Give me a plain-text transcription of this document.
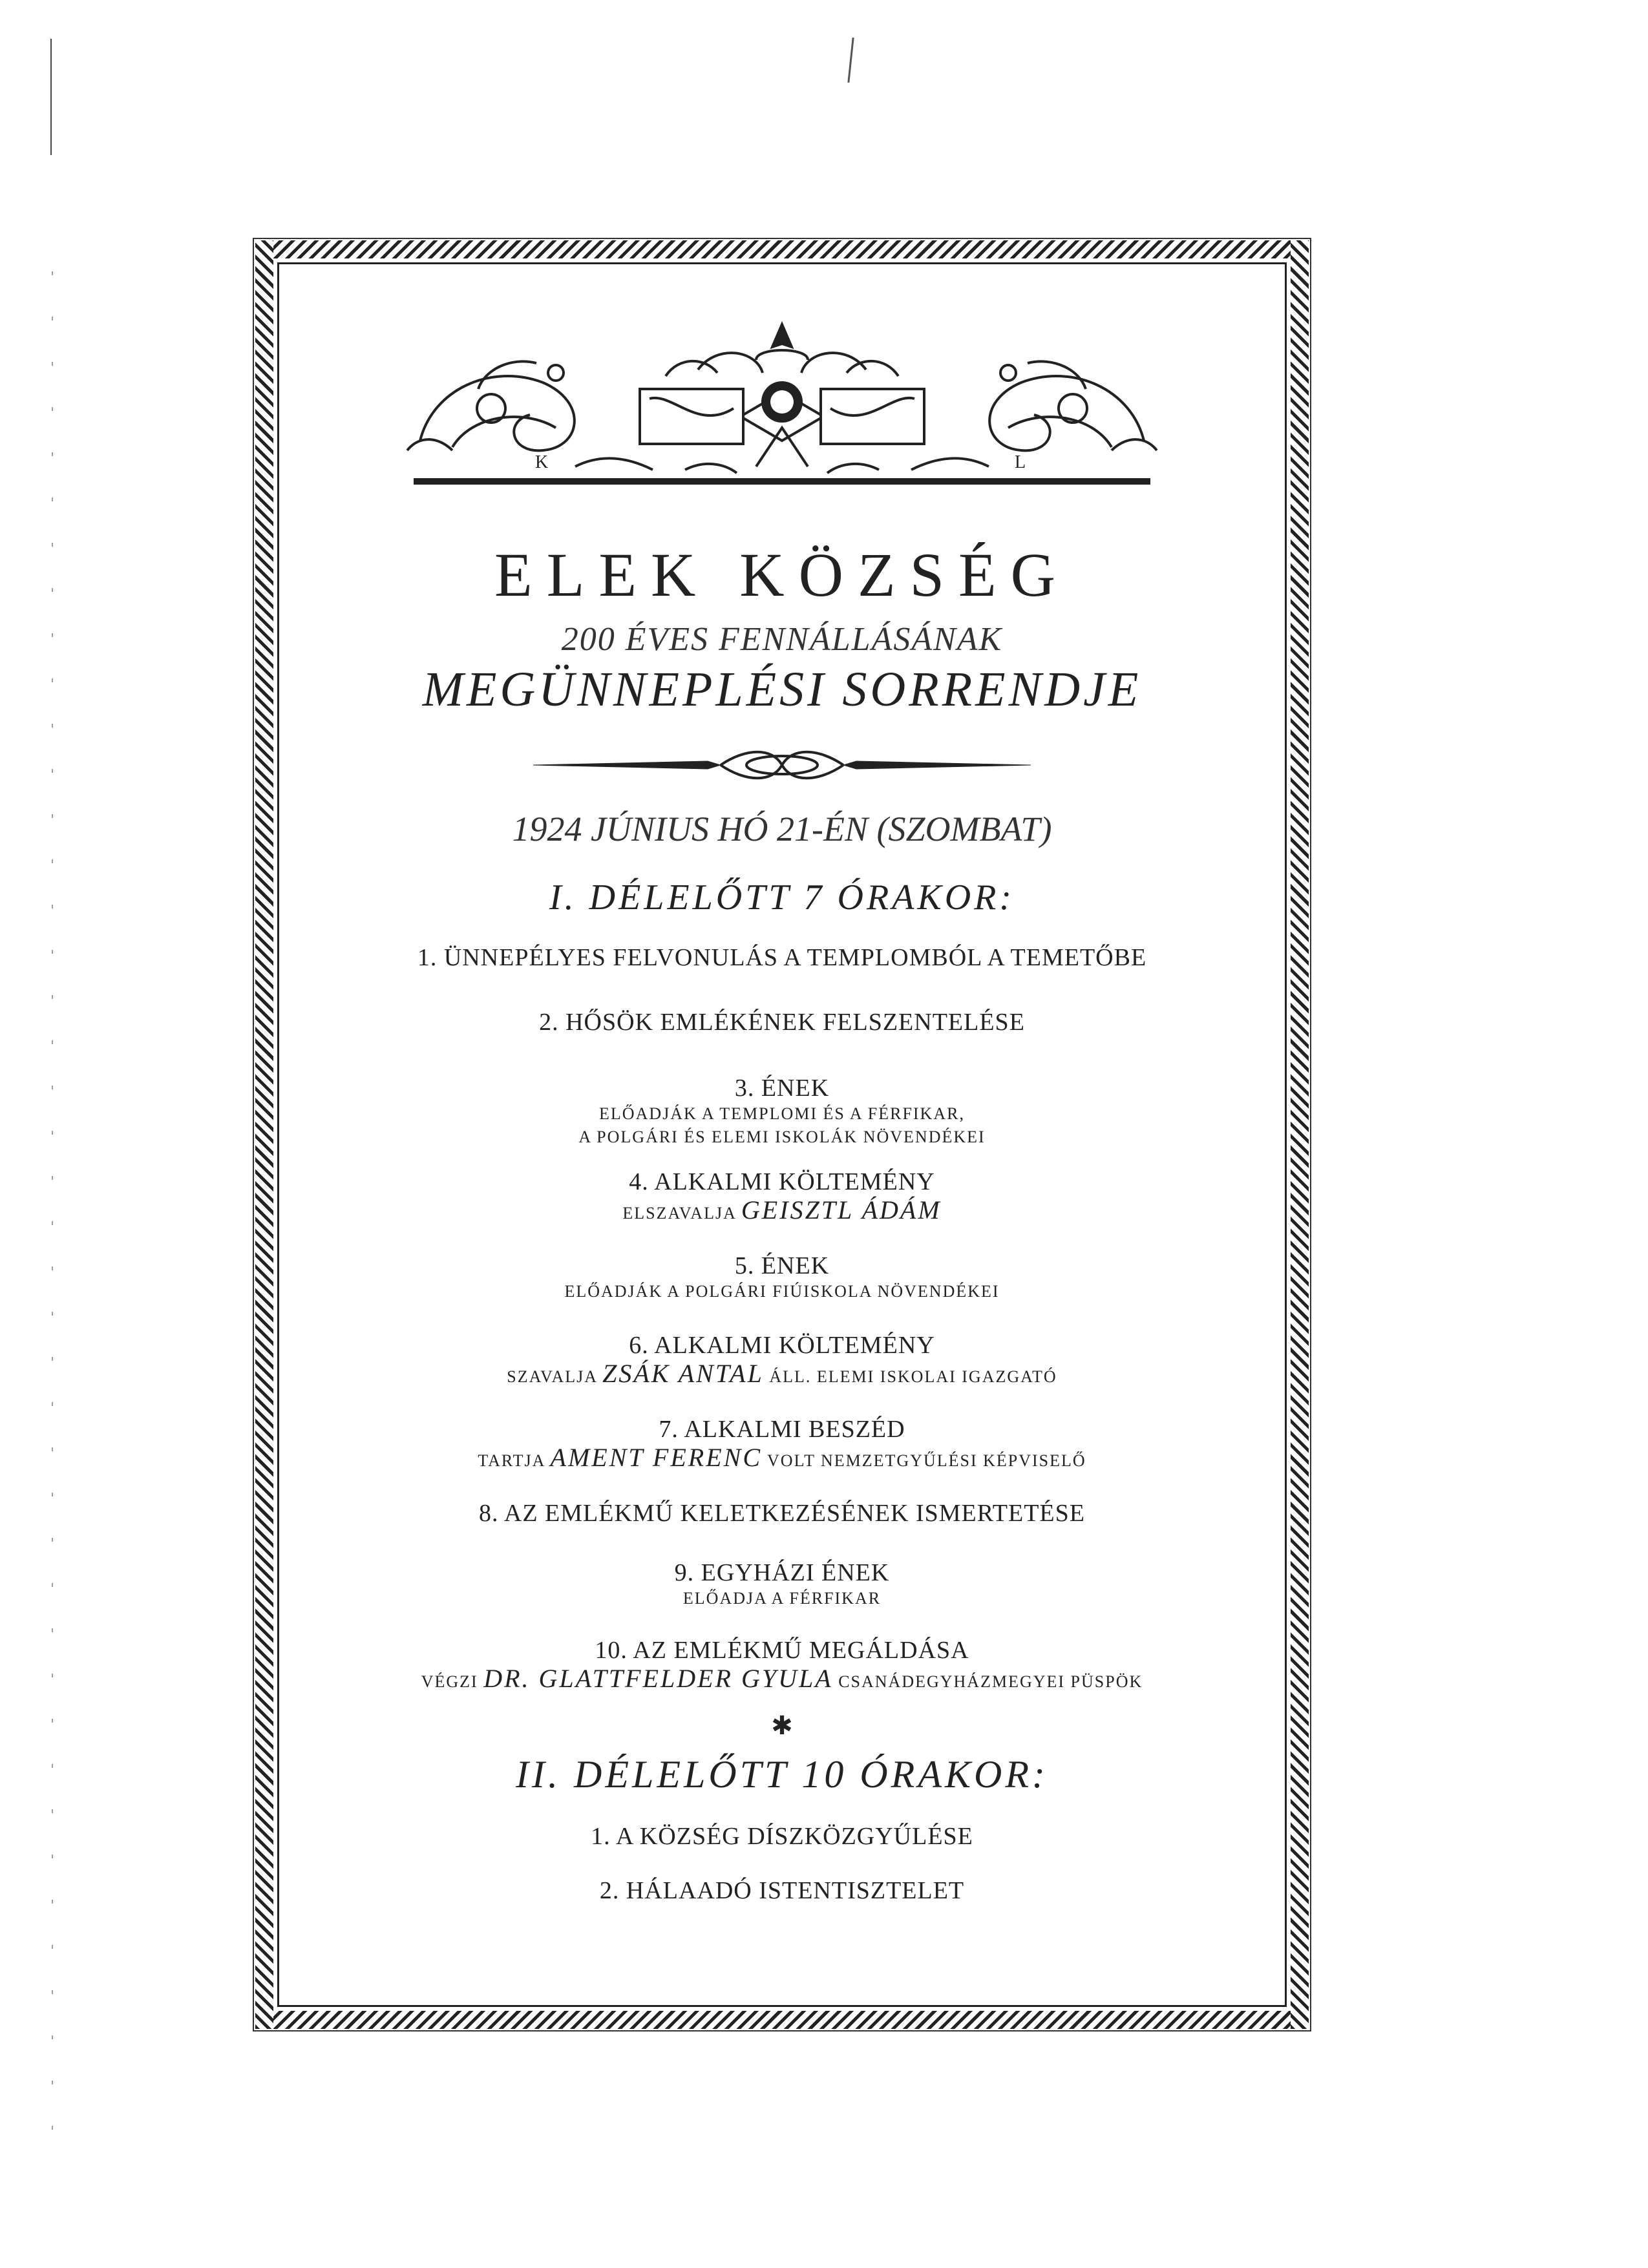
K	L
ELEK KÖZSÉG
200 ÉVES FENNÁLLÁSÁNAK
MEGÜNNEPLÉSI SORRENDJE
1924 JÚNIUS HÓ 21-ÉN (SZOMBAT)
I. DÉLELŐTT 7 ÓRAKOR:
1. ÜNNEPÉLYES FELVONULÁS A TEMPLOMBÓL A TEMETŐBE
2. HŐSÖK EMLÉKÉNEK FELSZENTELÉSE
3. ÉNEK
ELŐADJÁK A TEMPLOMI ÉS A FÉRFIKAR,
A POLGÁRI ÉS ELEMI ISKOLÁK NÖVENDÉKEI
4. ALKALMI KÖLTEMÉNY
ELSZAVALJA GEISZTL ÁDÁM
5. ÉNEK
ELŐADJÁK A POLGÁRI FIÚISKOLA NÖVENDÉKEI
6. ALKALMI KÖLTEMÉNY
SZAVALJA ZSÁK ANTAL ÁLL. ELEMI ISKOLAI IGAZGATÓ
7. ALKALMI BESZÉD
TARTJA AMENT FERENC VOLT NEMZETGYŰLÉSI KÉPVISELŐ
8. AZ EMLÉKMŰ KELETKEZÉSÉNEK ISMERTETÉSE
9. EGYHÁZI ÉNEK
ELŐADJA A FÉRFIKAR
10. AZ EMLÉKMŰ MEGÁLDÁSA
VÉGZI DR. GLATTFELDER GYULA CSANÁDEGYHÁZMEGYEI PÜSPÖK
✱
II. DÉLELŐTT 10 ÓRAKOR:
1. A KÖZSÉG DÍSZKÖZGYŰLÉSE
2. HÁLAADÓ ISTENTISZTELET
